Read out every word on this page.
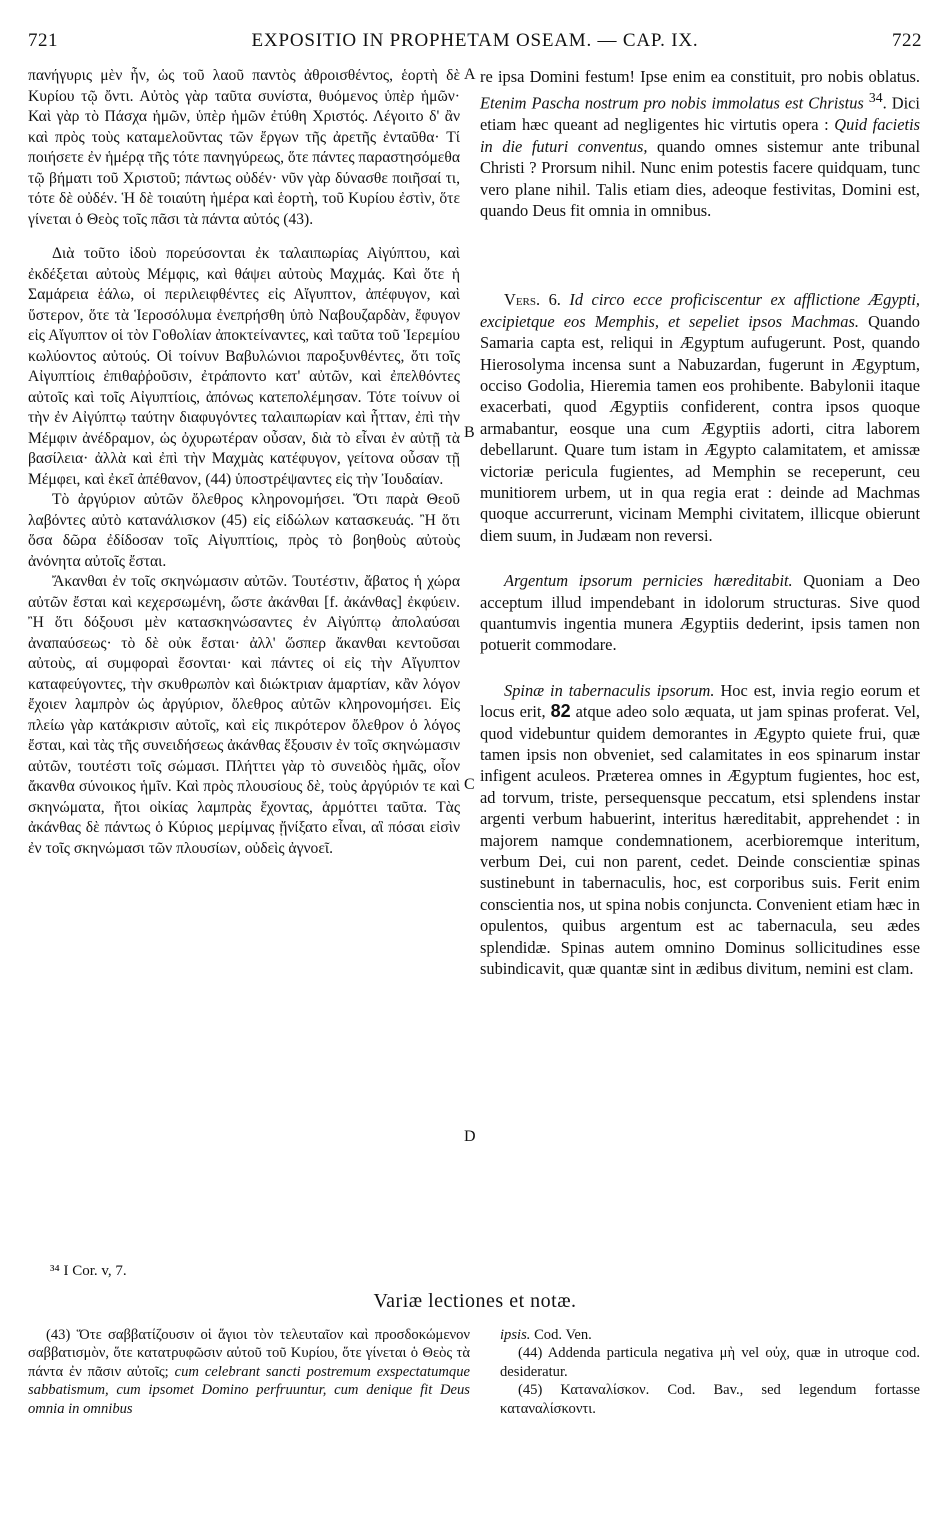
721	EXPOSITIO IN PROPHETAM OSEAM. — CAP. IX.	722

πανήγυρις μὲν ἦν, ὡς τοῦ λαοῦ παντὸς ἀθροισθέντος, ἑορτὴ δὲ Κυρίου τῷ ὄντι. Αὐτὸς γὰρ ταῦτα συνίστα, θυόμενος ὑπὲρ ἡμῶν· Καὶ γὰρ τὸ Πάσχα ἡμῶν, ὑπὲρ ἡμῶν ἐτύθη Χριστός. Λέγοιτο δ' ἂν καὶ πρὸς τοὺς καταμελοῦντας τῶν ἔργων τῆς ἀρετῆς ἐνταῦθα· Τί ποιήσετε ἐν ἡμέρᾳ τῆς τότε πανηγύρεως, ὅτε πάντες παραστησόμεθα τῷ βήματι τοῦ Χριστοῦ; πάντως οὐδέν· νῦν γὰρ δύνασθε ποιῆσαί τι, τότε δὲ οὐδέν. Ἡ δὲ τοιαύτη ἡμέρα καὶ ἑορτὴ, τοῦ Κυρίου ἐστὶν, ὅτε γίνεται ὁ Θεὸς τοῖς πᾶσι τὰ πάντα αὐτός (43).

Διὰ τοῦτο ἰδοὺ πορεύσονται ἐκ ταλαιπωρίας Αἰγύπτου, καὶ ἐκδέξεται αὐτοὺς Μέμφις, καὶ θάψει αὐτοὺς Μαχμάς. Καὶ ὅτε ἡ Σαμάρεια ἑάλω, οἱ περιλειφθέντες εἰς Αἴγυπτον, ἀπέφυγον, καὶ ὕστερον, ὅτε τὰ Ἱεροσόλυμα ἐνεπρήσθη ὑπὸ Ναβουζαρδὰν, ἔφυγον εἰς Αἴγυπτον οἱ τὸν Γοθολίαν ἀποκτείναντες, καὶ ταῦτα τοῦ Ἱερεμίου κωλύοντος αὐτούς. Οἱ τοίνυν Βαβυλώνιοι παροξυνθέντες, ὅτι τοῖς Αἰγυπτίοις ἐπιθαῤῥοῦσιν, ἐτράποντο κατ' αὐτῶν, καὶ ἐπελθόντες αὐτοῖς καὶ τοῖς Αἰγυπτίοις, ἀπόνως κατεπολέμησαν. Τότε τοίνυν οἱ τὴν ἐν Αἰγύπτῳ ταύτην διαφυγόντες ταλαιπωρίαν καὶ ἧτταν, ἐπὶ τὴν Μέμφιν ἀνέδραμον, ὡς ὀχυρωτέραν οὖσαν, διὰ τὸ εἶναι ἐν αὐτῇ τὰ βασίλεια· ἀλλὰ καὶ ἐπὶ τὴν Μαχμὰς κατέφυγον, γείτονα οὖσαν τῇ Μέμφει, καὶ ἐκεῖ ἀπέθανον, (44) ὑποστρέψαντες εἰς τὴν Ἰουδαίαν.

Τὸ ἀργύριον αὐτῶν ὄλεθρος κληρονομήσει. Ὅτι παρὰ Θεοῦ λαβόντες αὐτὸ κατανάλισκον (45) εἰς εἰδώλων κατασκευάς. Ἢ ὅτι ὅσα δῶρα ἐδίδοσαν τοῖς Αἰγυπτίοις, πρὸς τὸ βοηθοὺς αὐτοὺς ἀνόνητα αὐτοῖς ἔσται.

Ἄκανθαι ἐν τοῖς σκηνώμασιν αὐτῶν. Τουτέστιν, ἄβατος ἡ χώρα αὐτῶν ἔσται καὶ κεχερσωμένη, ὥστε ἀκάνθαι [f. ἀκάνθας] ἐκφύειν. Ἢ ὅτι δόξουσι μὲν κατασκηνώσαντες ἐν Αἰγύπτῳ ἀπολαύσαι ἀναπαύσεως· τὸ δὲ οὐκ ἔσται· ἀλλ' ὥσπερ ἄκανθαι κεντοῦσαι αὐτοὺς, αἱ συμφοραὶ ἔσονται· καὶ πάντες οἱ εἰς τὴν Αἴγυπτον καταφεύγοντες, τὴν σκυθρωπὸν καὶ διώκτριαν ἁμαρτίαν, κἂν λόγον ἔχοιεν λαμπρὸν ὡς ἀργύριον, ὄλεθρος αὐτῶν κληρονομήσει. Εἰς πλείω γὰρ κατάκρισιν αὐτοῖς, καὶ εἰς πικρότερον ὄλεθρον ὁ λόγος ἔσται, καὶ τὰς τῆς συνειδήσεως ἀκάνθας ἕξουσιν ἐν τοῖς σκηνώμασιν αὐτῶν, τουτέστι τοῖς σώμασι. Πλήττει γὰρ τὸ συνειδὸς ἡμᾶς, οἷον ἄκανθα σύνοικος ἡμῖν. Καὶ πρὸς πλουσίους δὲ, τοὺς ἀργύριόν τε καὶ σκηνώματα, ἤτοι οἰκίας λαμπρὰς ἔχοντας, ἁρμόττει ταῦτα. Τὰς ἀκάνθας δὲ πάντως ὁ Κύριος μερίμνας ᾔνίξατο εἶναι, αἳ πόσαι εἰσὶν ἐν τοῖς σκηνώμασι τῶν πλουσίων, οὐδεὶς ἀγνοεῖ.

A
B
C
D

re ipsa Domini festum! Ipse enim ea constituit, pro nobis oblatus. Etenim Pascha nostrum pro nobis immolatus est Christus $^{34}$. Dici etiam hæc queant ad negligentes hic virtutis opera : Quid facietis in die futuri conventus, quando omnes sistemur ante tribunal Christi ? Prorsum nihil. Nunc enim potestis facere quidquam, tunc vero plane nihil. Talis etiam dies, adeoque festivitas, Domini est, quando Deus fit omnia in omnibus.

Vers. 6. Id circo ecce proficiscentur ex afflictione Ægypti, excipietque eos Memphis, et sepeliet ipsos Machmas. Quando Samaria capta est, reliqui in Ægyptum aufugerunt. Post, quando Hierosolyma incensa sunt a Nabuzardan, fugerunt in Ægyptum, occiso Godolia, Hieremia tamen eos prohibente. Babylonii itaque exacerbati, quod Ægyptiis confiderent, contra ipsos quoque armabantur, eosque una cum Ægyptiis adorti, citra laborem debellarunt. Quare tum istam in Ægypto calamitatem, et amissæ victoriæ pericula fugientes, ad Memphin se receperunt, ceu munitiorem urbem, ut in qua regia erat : deinde ad Machmas quoque accurrerunt, vicinam Memphi civitatem, illicque obierunt diem suum, in Judæam non reversi.

Argentum ipsorum pernicies hæreditabit. Quoniam a Deo acceptum illud impendebant in idolorum structuras. Sive quod quantumvis ingentia munera Ægyptiis dederint, ipsis tamen non potuerit commodare.

Spinæ in tabernaculis ipsorum. Hoc est, invia regio eorum et locus erit, 82 atque adeo solo æquata, ut jam spinas proferat. Vel, quod videbuntur quidem demorantes in Ægypto quiete frui, quæ tamen ipsis non obveniet, sed calamitates in eos spinarum instar infigent aculeos. Præterea omnes in Ægyptum fugientes, hoc est, ad torvum, triste, persequensque peccatum, etsi splendens instar argenti verbum habuerint, interitus hæreditabit, apprehendet : in majorem namque condemnationem, acerbioremque interitum, verbum Dei, cui non parent, cedet. Deinde conscientiæ spinas sustinebunt in tabernaculis, hoc, est corporibus suis. Ferit enim conscientia nos, ut spina nobis conjuncta. Convenient etiam hæc in opulentos, quibus argentum est ac tabernacula, seu ædes splendidæ. Spinas autem omnino Dominus sollicitudines esse subindicavit, quæ quantæ sint in ædibus divitum, nemini est clam.

³⁴ I Cor. v, 7.
Variæ lectiones et notæ.

(43) Ὅτε σαββατίζουσιν οἱ ἅγιοι τὸν τελευταῖον καὶ προσδοκώμενον σαββατισμὸν, ὅτε κατατρυφῶσιν αὐτοῦ τοῦ Κυρίου, ὅτε γίνεται ὁ Θεὸς τὰ πάντα ἐν πᾶσιν αὐτοῖς; cum celebrant sancti postremum exspectatumque sabbatismum, cum ipsomet Domino perfruuntur, cum denique fit Deus omnia in omnibus

ipsis. Cod. Ven.

(44) Addenda particula negativa μὴ vel οὐχ, quæ in utroque cod. desideratur.

(45) Καταναλίσκον. Cod. Bav., sed legendum fortasse καταναλίσκοντι.
